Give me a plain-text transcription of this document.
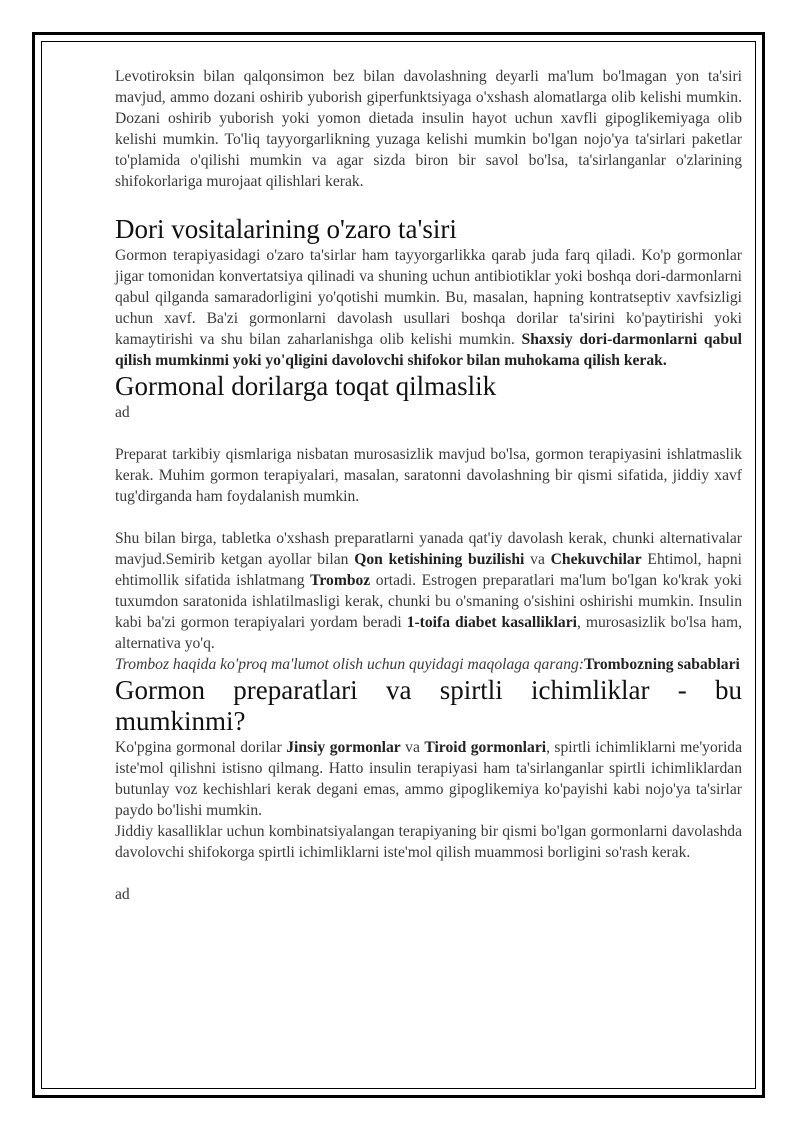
Levotiroksin bilan qalqonsimon bez bilan davolashning deyarli ma'lum bo'lmagan yon ta'siri mavjud, ammo dozani oshirib yuborish giperfunktsiyaga o'xshash alomatlarga olib kelishi mumkin. Dozani oshirib yuborish yoki yomon dietada insulin hayot uchun xavfli gipoglikemiyaga olib kelishi mumkin. To'liq tayyorgarlikning yuzaga kelishi mumkin bo'lgan nojo'ya ta'sirlari paketlar to'plamida o'qilishi mumkin va agar sizda biron bir savol bo'lsa, ta'sirlanganlar o'zlarining shifokorlariga murojaat qilishlari kerak.

Dori vositalarining o'zaro ta'siri

Gormon terapiyasidagi o'zaro ta'sirlar ham tayyorgarlikka qarab juda farq qiladi. Ko'p gormonlar jigar tomonidan konvertatsiya qilinadi va shuning uchun antibiotiklar yoki boshqa dori-darmonlarni qabul qilganda samaradorligini yo'qotishi mumkin. Bu, masalan, hapning kontratseptiv xavfsizligi uchun xavf. Ba'zi gormonlarni davolash usullari boshqa dorilar ta'sirini ko'paytirishi yoki kamaytirishi va shu bilan zaharlanishga olib kelishi mumkin. Shaxsiy dori-darmonlarni qabul qilish mumkinmi yoki yo'qligini davolovchi shifokor bilan muhokama qilish kerak.

Gormonal dorilarga toqat qilmaslik

ad

Preparat tarkibiy qismlariga nisbatan murosasizlik mavjud bo'lsa, gormon terapiyasini ishlatmaslik kerak. Muhim gormon terapiyalari, masalan, saratonni davolashning bir qismi sifatida, jiddiy xavf tug'dirganda ham foydalanish mumkin.

Shu bilan birga, tabletka o'xshash preparatlarni yanada qat'iy davolash kerak, chunki alternativalar mavjud.Semirib ketgan ayollar bilan Qon ketishining buzilishi va Chekuvchilar Ehtimol, hapni ehtimollik sifatida ishlatmang Tromboz ortadi. Estrogen preparatlari ma'lum bo'lgan ko'krak yoki tuxumdon saratonida ishlatilmasligi kerak, chunki bu o'smaning o'sishini oshirishi mumkin. Insulin kabi ba'zi gormon terapiyalari yordam beradi 1-toifa diabet kasalliklari, murosasizlik bo'lsa ham, alternativa yo'q.

Tromboz haqida ko'proq ma'lumot olish uchun quyidagi maqolaga qarang:Trombozning sabablari

Gormon preparatlari va spirtli ichimliklar - bu mumkinmi?

Ko'pgina gormonal dorilar Jinsiy gormonlar va Tiroid gormonlari, spirtli ichimliklarni me'yorida iste'mol qilishni istisno qilmang. Hatto insulin terapiyasi ham ta'sirlanganlar spirtli ichimliklardan butunlay voz kechishlari kerak degani emas, ammo gipoglikemiya ko'payishi kabi nojo'ya ta'sirlar paydo bo'lishi mumkin.

Jiddiy kasalliklar uchun kombinatsiyalangan terapiyaning bir qismi bo'lgan gormonlarni davolashda davolovchi shifokorga spirtli ichimliklarni iste'mol qilish muammosi borligini so'rash kerak.

ad
